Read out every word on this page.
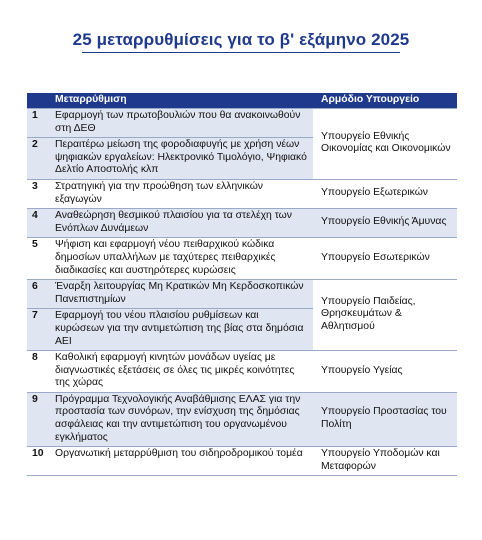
25 μεταρρυθμίσεις για το β' εξάμηνο 2025
	Μεταρρύθμιση	Αρμόδιο Υπουργείο
1	Εφαρμογή των πρωτοβουλιών που θα ανακοινωθούν στη ΔΕΘ	Υπουργείο Εθνικής Οικονομίας και Οικονομικών
2	Περαιτέρω μείωση της φοροδιαφυγής με χρήση νέων ψηφιακών εργαλείων: Ηλεκτρονικό Τιμολόγιο, Ψηφιακό Δελτίο Αποστολής κλπ	
3	Στρατηγική για την προώθηση των ελληνικών εξαγωγών	Υπουργείο Εξωτερικών
4	Αναθεώρηση θεσμικού πλαισίου για τα στελέχη των Ενόπλων Δυνάμεων	Υπουργείο Εθνικής Άμυνας
5	Ψήφιση και εφαρμογή νέου πειθαρχικού κώδικα δημοσίων υπαλλήλων με ταχύτερες πειθαρχικές διαδικασίες και αυστηρότερες κυρώσεις	Υπουργείο Εσωτερικών
6	Έναρξη λειτουργίας Μη Κρατικών Μη Κερδοσκοπικών Πανεπιστημίων	Υπουργείο Παιδείας, Θρησκευμάτων & Αθλητισμού
7	Εφαρμογή του νέου πλαισίου ρυθμίσεων και κυρώσεων για την αντιμετώπιση της βίας στα δημόσια ΑΕΙ	
8	Καθολική εφαρμογή κινητών μονάδων υγείας με διαγνωστικές εξετάσεις σε όλες τις μικρές κοινότητες της χώρας	Υπουργείο Υγείας
9	Πρόγραμμα Τεχνολογικής Αναβάθμισης ΕΛΑΣ για την προστασία των συνόρων, την ενίσχυση της δημόσιας ασφάλειας και την αντιμετώπιση του οργανωμένου εγκλήματος	Υπουργείο Προστασίας του Πολίτη
10	Οργανωτική μεταρρύθμιση του σιδηροδρομικού τομέα	Υπουργείο Υποδομών και Μεταφορών
